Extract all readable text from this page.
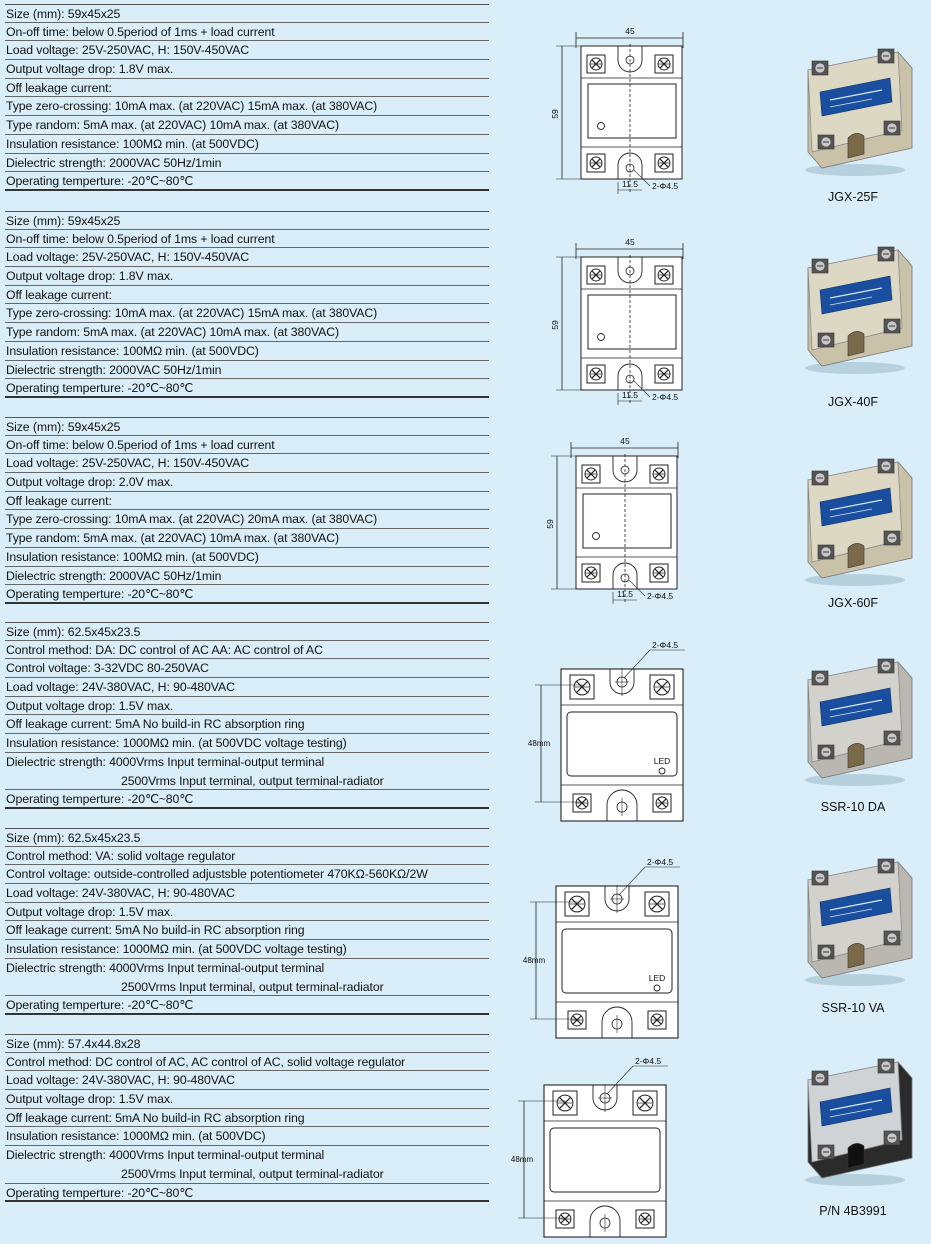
Size (mm): 59x45x25
On-off time: below 0.5period of 1ms + load current
Load voltage: 25V-250VAC, H: 150V-450VAC
Output voltage drop: 1.8V max.
Off leakage current:
Type zero-crossing: 10mA max. (at 220VAC) 15mA max. (at 380VAC)
Type random: 5mA max. (at 220VAC) 10mA max. (at 380VAC)
Insulation resistance: 100MΩ min. (at 500VDC)
Dielectric strength: 2000VAC 50Hz/1min
Operating temperture: -20℃~80℃
45
59
11.5 2-Φ4.5
JGX-25F
Size (mm): 59x45x25
On-off time: below 0.5period of 1ms + load current
Load voltage: 25V-250VAC, H: 150V-450VAC
Output voltage drop: 1.8V max.
Off leakage current:
Type zero-crossing: 10mA max. (at 220VAC) 15mA max. (at 380VAC)
Type random: 5mA max. (at 220VAC) 10mA max. (at 380VAC)
Insulation resistance: 100MΩ min. (at 500VDC)
Dielectric strength: 2000VAC 50Hz/1min
Operating temperture: -20℃~80℃
45
59
11.5 2-Φ4.5	JGX-40F
Size (mm): 59x45x25
On-off time: below 0.5period of 1ms + load current
Load voltage: 25V-250VAC, H: 150V-450VAC
Output voltage drop: 2.0V max.
Off leakage current:
Type zero-crossing: 10mA max. (at 220VAC) 20mA max. (at 380VAC)
Type random: 5mA max. (at 220VAC) 10mA max. (at 380VAC)
Insulation resistance: 100MΩ min. (at 500VDC)
Dielectric strength: 2000VAC 50Hz/1min
Operating temperture: -20℃~80℃
45
59
11.5 2-Φ4.5	JGX-60F
Size (mm): 62.5x45x23.5
Control method: DA: DC control of AC AA: AC control of AC
Control voltage: 3-32VDC 80-250VAC
Load voltage: 24V-380VAC, H: 90-480VAC
Output voltage drop: 1.5V max.
Off leakage current: 5mA No build-in RC absorption ring
Insulation resistance: 1000MΩ min. (at 500VDC voltage testing)
Dielectric strength: 4000Vrms Input terminal-output terminal
2500Vrms Input terminal, output terminal-radiator
Operating temperture: -20℃~80℃
48mm
2-Φ4.5
LED
SSR-10 DA
Size (mm): 62.5x45x23.5
Control method: VA: solid voltage regulator
Control voltage: outside-controlled adjustsble potentiometer 470KΩ-560KΩ/2W
Load voltage: 24V-380VAC, H: 90-480VAC
Output voltage drop: 1.5V max.
Off leakage current: 5mA No build-in RC absorption ring
Insulation resistance: 1000MΩ min. (at 500VDC voltage testing)
Dielectric strength: 4000Vrms Input terminal-output terminal
2500Vrms Input terminal, output terminal-radiator
Operating temperture: -20℃~80℃
48mm
2-Φ4.5
LED
SSR-10 VA
Size (mm): 57.4x44.8x28
Control method: DC control of AC, AC control of AC, solid voltage regulator
Load voltage: 24V-380VAC, H: 90-480VAC
Output voltage drop: 1.5V max.
Off leakage current: 5mA No build-in RC absorption ring
Insulation resistance: 1000MΩ min. (at 500VDC)
Dielectric strength: 4000Vrms Input terminal-output terminal
2500Vrms Input terminal, output terminal-radiator
Operating temperture: -20℃~80℃
48mm
2-Φ4.5
P/N 4B3991
